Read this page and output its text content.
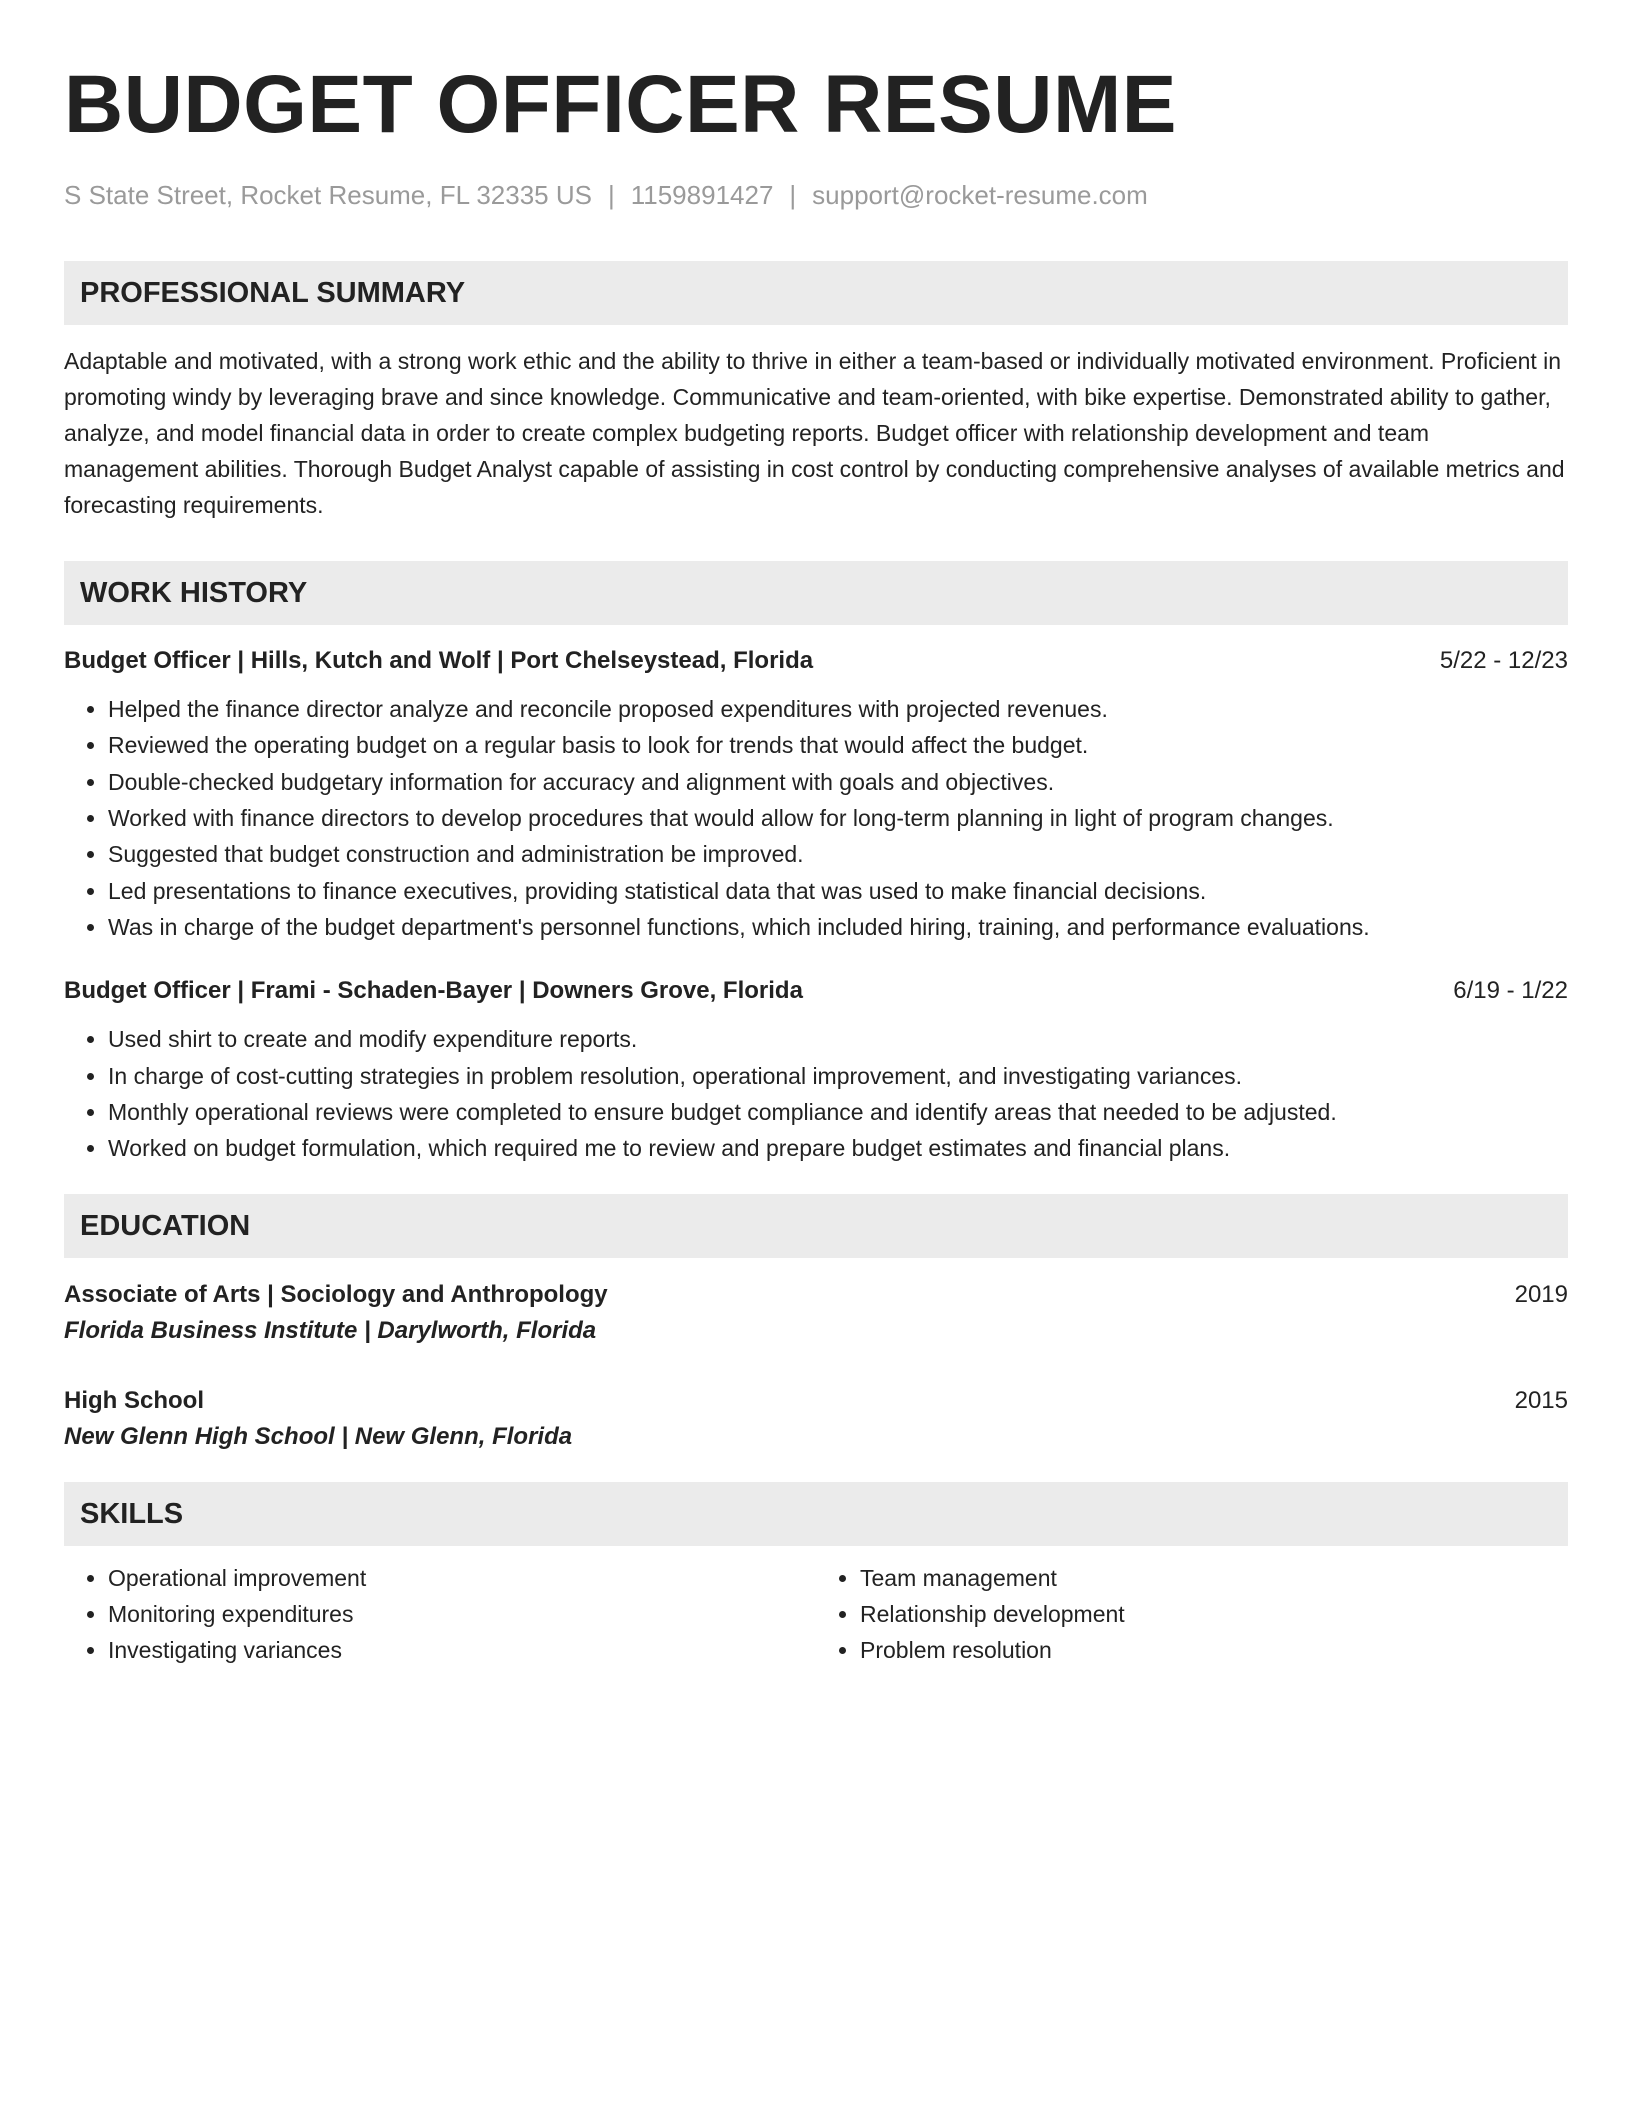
BUDGET OFFICER RESUME
S State Street, Rocket Resume, FL 32335 US | 1159891427 | support@rocket-resume.com
PROFESSIONAL SUMMARY
Adaptable and motivated, with a strong work ethic and the ability to thrive in either a team-based or individually motivated environment. Proficient in promoting windy by leveraging brave and since knowledge. Communicative and team-oriented, with bike expertise. Demonstrated ability to gather, analyze, and model financial data in order to create complex budgeting reports. Budget officer with relationship development and team management abilities. Thorough Budget Analyst capable of assisting in cost control by conducting comprehensive analyses of available metrics and forecasting requirements.
WORK HISTORY
Budget Officer | Hills, Kutch and Wolf | Port Chelseystead, Florida	5/22 - 12/23
• Helped the finance director analyze and reconcile proposed expenditures with projected revenues.
• Reviewed the operating budget on a regular basis to look for trends that would affect the budget.
• Double-checked budgetary information for accuracy and alignment with goals and objectives.
• Worked with finance directors to develop procedures that would allow for long-term planning in light of program changes.
• Suggested that budget construction and administration be improved.
• Led presentations to finance executives, providing statistical data that was used to make financial decisions.
• Was in charge of the budget department's personnel functions, which included hiring, training, and performance evaluations.
Budget Officer | Frami - Schaden-Bayer | Downers Grove, Florida	6/19 - 1/22
• Used shirt to create and modify expenditure reports.
• In charge of cost-cutting strategies in problem resolution, operational improvement, and investigating variances.
• Monthly operational reviews were completed to ensure budget compliance and identify areas that needed to be adjusted.
• Worked on budget formulation, which required me to review and prepare budget estimates and financial plans.
EDUCATION
Associate of Arts | Sociology and Anthropology	2019
Florida Business Institute | Darylworth, Florida
High School	2015
New Glenn High School | New Glenn, Florida
SKILLS
• Operational improvement
• Monitoring expenditures
• Investigating variances
• Team management
• Relationship development
• Problem resolution
